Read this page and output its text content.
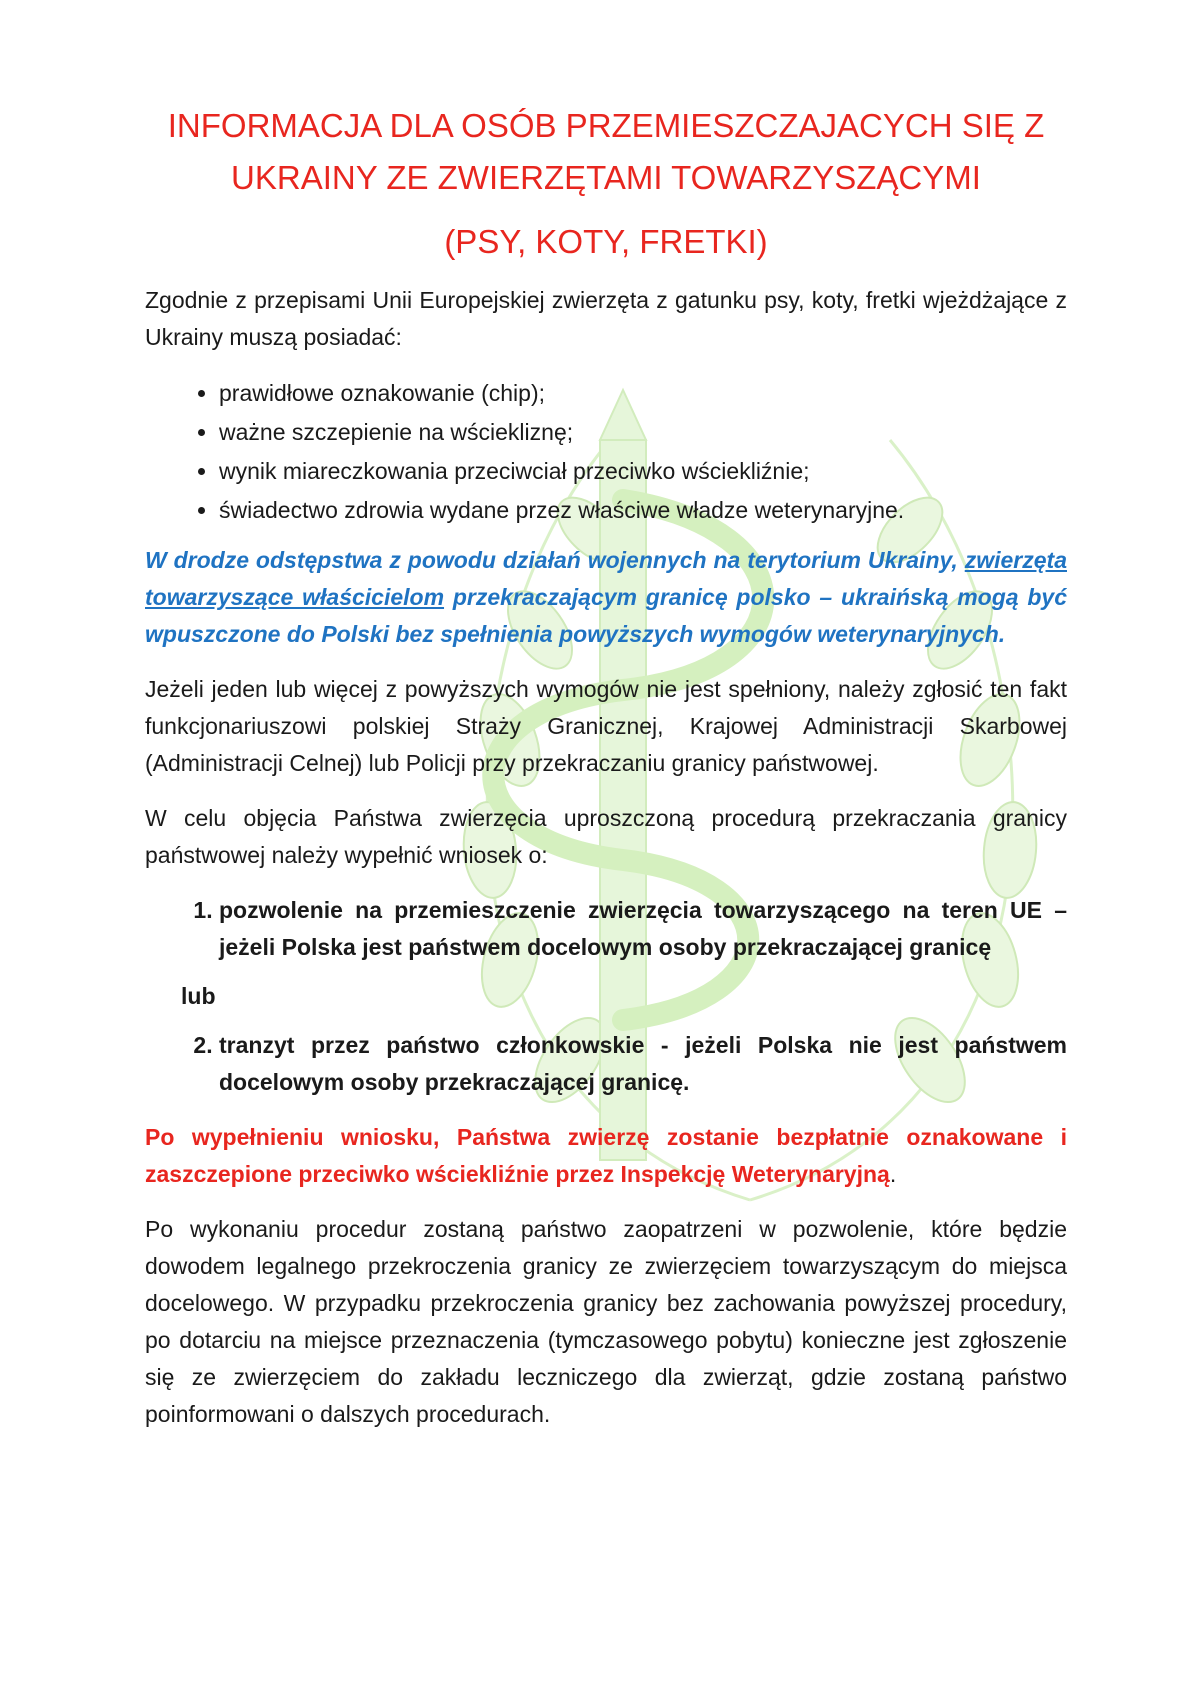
INFORMACJA DLA OSÓB PRZEMIESZCZAJACYCH SIĘ Z UKRAINY ZE ZWIERZĘTAMI TOWARZYSZĄCYMI
(PSY, KOTY, FRETKI)

Zgodnie z przepisami Unii Europejskiej zwierzęta z gatunku psy, koty, fretki wjeżdżające z Ukrainy muszą posiadać:

• prawidłowe oznakowanie (chip);
• ważne szczepienie na wściekliznę;
• wynik miareczkowania przeciwciał przeciwko wściekliźnie;
• świadectwo zdrowia wydane przez właściwe władze weterynaryjne.

W drodze odstępstwa z powodu działań wojennych na terytorium Ukrainy, zwierzęta towarzyszące właścicielom przekraczającym granicę polsko – ukraińską mogą być wpuszczone do Polski bez spełnienia powyższych wymogów weterynaryjnych.

Jeżeli jeden lub więcej z powyższych wymogów nie jest spełniony, należy zgłosić ten fakt funkcjonariuszowi polskiej Straży Granicznej, Krajowej Administracji Skarbowej (Administracji Celnej) lub Policji przy przekraczaniu granicy państwowej.

W celu objęcia Państwa zwierzęcia uproszczoną procedurą przekraczania granicy państwowej należy wypełnić wniosek o:

1. pozwolenie na przemieszczenie zwierzęcia towarzyszącego na teren UE – jeżeli Polska jest państwem docelowym osoby przekraczającej granicę
lub
2. tranzyt przez państwo członkowskie - jeżeli Polska nie jest państwem docelowym osoby przekraczającej granicę.

Po wypełnieniu wniosku, Państwa zwierzę zostanie bezpłatnie oznakowane i zaszczepione przeciwko wściekliźnie przez Inspekcję Weterynaryjną.

Po wykonaniu procedur zostaną państwo zaopatrzeni w pozwolenie, które będzie dowodem legalnego przekroczenia granicy ze zwierzęciem towarzyszącym do miejsca docelowego. W przypadku przekroczenia granicy bez zachowania powyższej procedury, po dotarciu na miejsce przeznaczenia (tymczasowego pobytu) konieczne jest zgłoszenie się ze zwierzęciem do zakładu leczniczego dla zwierząt, gdzie zostaną państwo poinformowani o dalszych procedurach.
